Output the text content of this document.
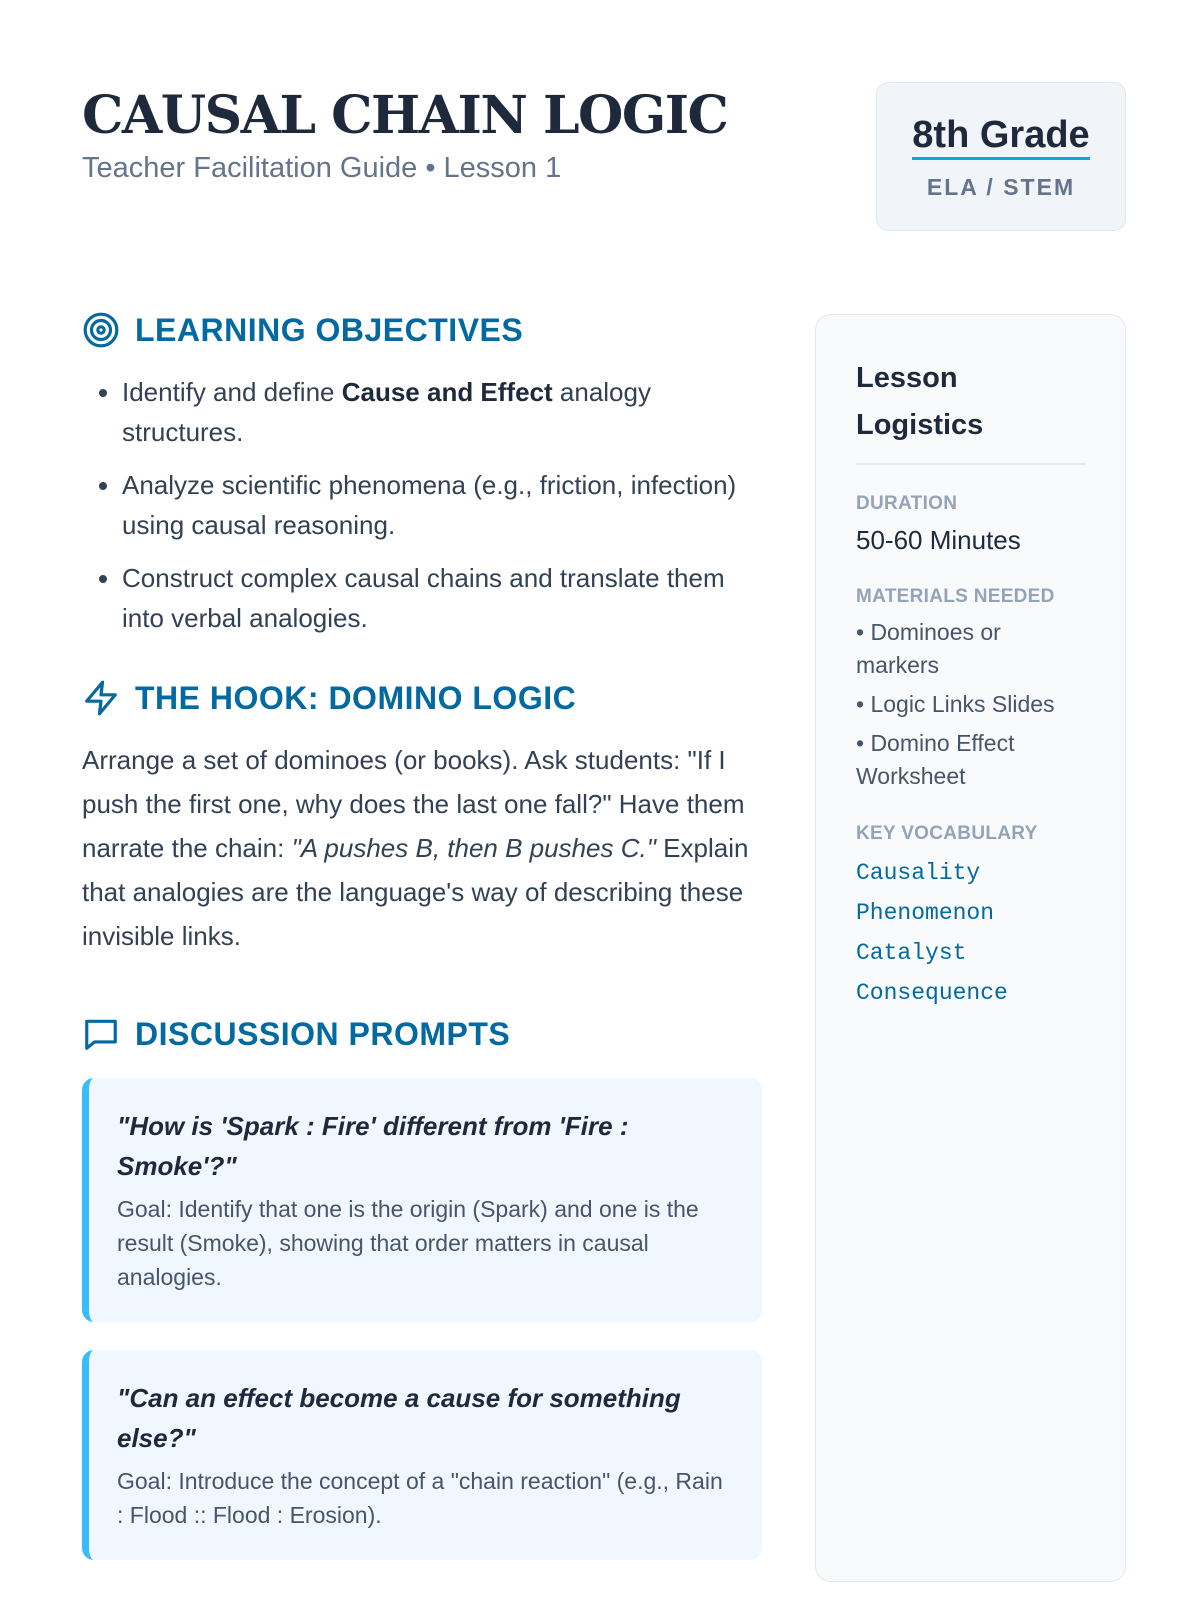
CAUSAL CHAIN LOGIC
Teacher Facilitation Guide • Lesson 1
8th Grade
ELA / STEM
LEARNING OBJECTIVES
• Identify and define Cause and Effect analogy structures.
• Analyze scientific phenomena (e.g., friction, infection) using causal reasoning.
• Construct complex causal chains and translate them into verbal analogies.
THE HOOK: DOMINO LOGIC

Arrange a set of dominoes (or books). Ask students: "If I push the first one, why does the last one fall?" Have them narrate the chain: "A pushes B, then B pushes C." Explain that analogies are the language's way of describing these invisible links.

DISCUSSION PROMPTS
"How is 'Spark : Fire' different from 'Fire : Smoke'?"
Goal: Identify that one is the origin (Spark) and one is the result (Smoke), showing that order matters in causal analogies.
"Can an effect become a cause for something else?"
Goal: Introduce the concept of a "chain reaction" (e.g., Rain : Flood :: Flood : Erosion).
Lesson Logistics
DURATION
50-60 Minutes
MATERIALS NEEDED
• Dominoes or markers
• Logic Links Slides
• Domino Effect Worksheet
KEY VOCABULARY
Causality
Phenomenon
Catalyst
Consequence
